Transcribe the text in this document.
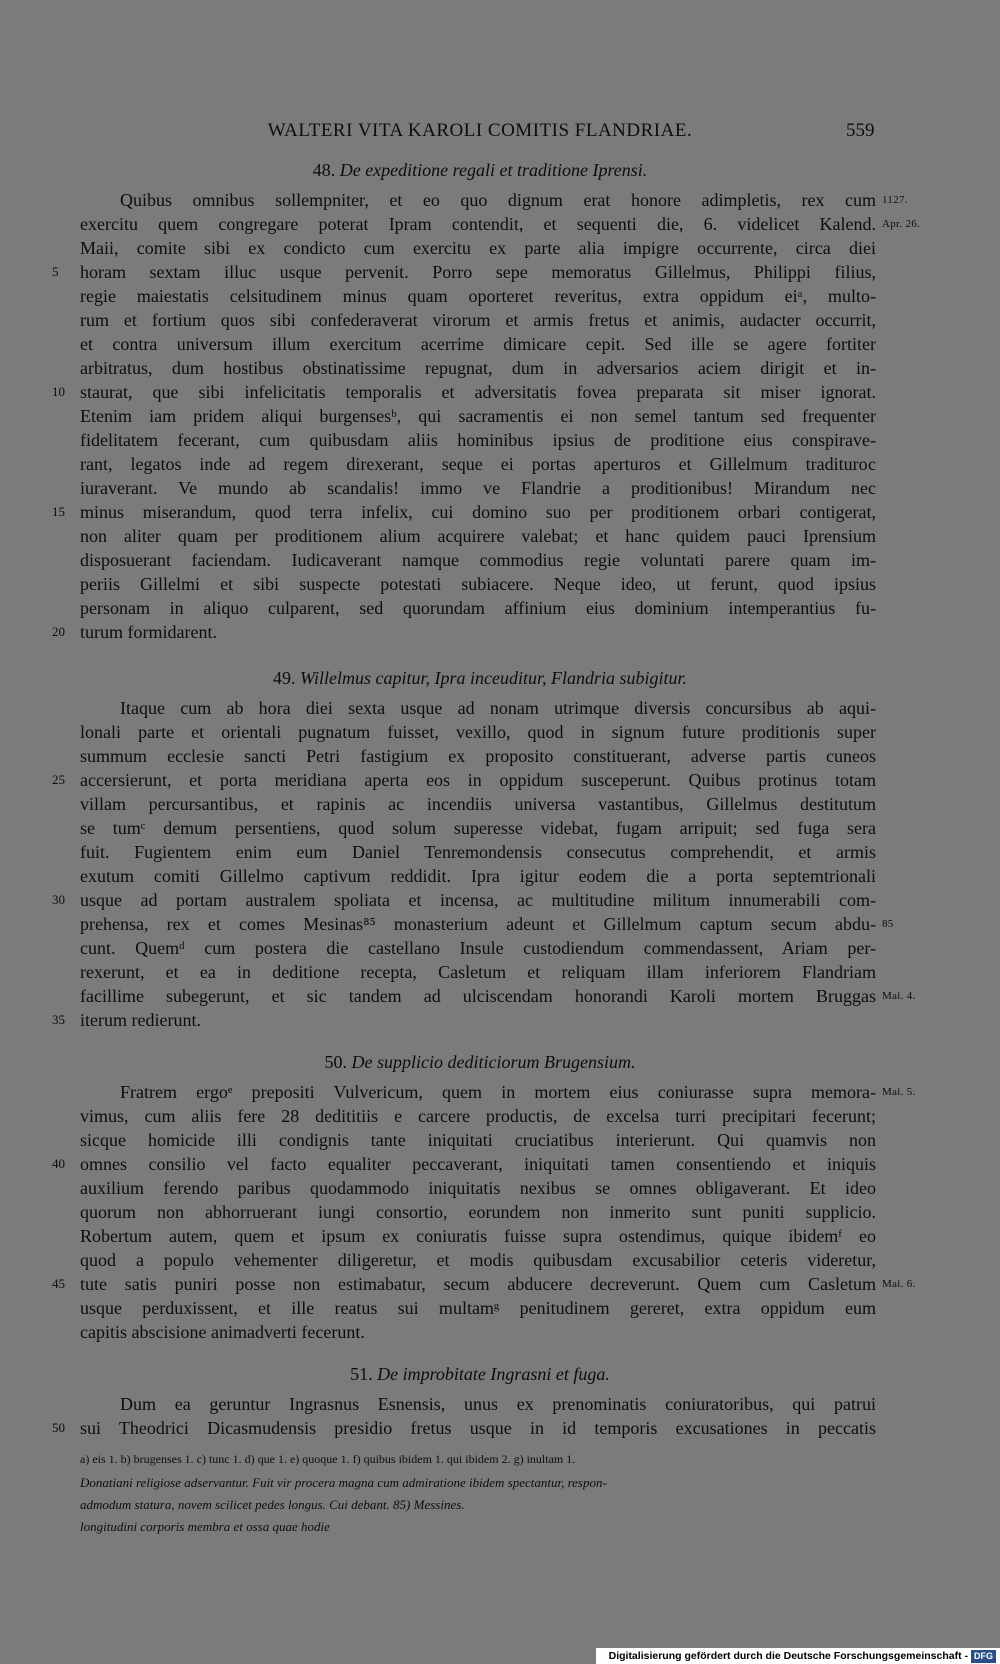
WALTERI VITA KAROLI COMITIS FLANDRIAE.	559
48. De expeditione regali et traditione Iprensi.
Quibus omnibus sollempniter, et eo quo dignum erat honore adimpletis, rex cum
exercitu quem congregare poterat Ipram contendit, et sequenti die, 6. videlicet Kalend.
Maii, comite sibi ex condicto cum exercitu ex parte alia impigre occurrente, circa diei
horam sextam illuc usque pervenit. Porro sepe memoratus Gillelmus, Philippi filius,
regie maiestatis celsitudinem minus quam oporteret reveritus, extra oppidum eiᵃ, multo-
rum et fortium quos sibi confederaverat virorum et armis fretus et animis, audacter occurrit,
et contra universum illum exercitum acerrime dimicare cepit. Sed ille se agere fortiter
arbitratus, dum hostibus obstinatissime repugnat, dum in adversarios aciem dirigit et in-
staurat, que sibi infelicitatis temporalis et adversitatis fovea preparata sit miser ignorat.
Etenim iam pridem aliqui burgensesᵇ, qui sacramentis ei non semel tantum sed frequenter
fidelitatem fecerant, cum quibusdam aliis hominibus ipsius de proditione eius conspirave-
rant, legatos inde ad regem direxerant, seque ei portas aperturos et Gillelmum traditurос
iuraverant. Ve mundo ab scandalis! immo ve Flandrie a proditionibus! Mirandum nec
minus miserandum, quod terra infelix, cui domino suo per proditionem orbari contigerat,
non aliter quam per proditionem alium acquirere valebat; et hanc quidem pauci Iprensium
disposuerant faciendam. Iudicaverant namque commodius regie voluntati parere quam im-
periis Gillelmi et sibi suspecte potestati subiacere. Neque ideo, ut ferunt, quod ipsius
personam in aliquo culparent, sed quorundam affinium eius dominium intemperantius fu-
turum formidarent.
49. Willelmus capitur, Ipra inceuditur, Flandria subigitur.
Itaque cum ab hora diei sexta usque ad nonam utrimque diversis concursibus ab aqui-
lonali parte et orientali pugnatum fuisset, vexillo, quod in signum future proditionis super
summum ecclesie sancti Petri fastigium ex proposito constituerant, adverse partis cuneos
accersierunt, et porta meridiana aperta eos in oppidum susceperunt. Quibus protinus totam
villam percursantibus, et rapinis ac incendiis universa vastantibus, Gillelmus destitutum
se tumᶜ demum persentiens, quod solum superesse videbat, fugam arripuit; sed fuga sera
fuit. Fugientem enim eum Daniel Tenremondensis consecutus comprehendit, et armis
exutum comiti Gillelmo captivum reddidit. Ipra igitur eodem die a porta septemtrionali
usque ad portam australem spoliata et incensa, ac multitudine militum innumerabili com-
prehensa, rex et comes Mesinas⁸⁵ monasterium adeunt et Gillelmum captum secum abdu-
cunt. Quemᵈ cum postera die castellano Insule custodiendum commendassent, Ariam per-
rexerunt, et ea in deditione recepta, Casletum et reliquam illam inferiorem Flandriam
facillime subegerunt, et sic tandem ad ulciscendam honorandi Karoli mortem Bruggas
iterum redierunt.
50. De supplicio dediticiorum Brugensium.
Fratrem ergoᵉ prepositi Vulvericum, quem in mortem eius coniurasse supra memora-
vimus, cum aliis fere 28 dedititiis e carcere productis, de excelsa turri precipitari fecerunt;
sicque homicide illi condignis tante iniquitati cruciatibus interierunt. Qui quamvis non
omnes consilio vel facto equaliter peccaverant, iniquitati tamen consentiendo et iniquis
auxilium ferendo paribus quodammodo iniquitatis nexibus se omnes obligaverant. Et ideo
quorum non abhorruerant iungi consortio, eorundem non inmerito sunt puniti supplicio.
Robertum autem, quem et ipsum ex coniuratis fuisse supra ostendimus, quique ibidemᶠ eo
quod a populo vehementer diligeretur, et modis quibusdam excusabilior ceteris videretur,
tute satis puniri posse non estimabatur, secum abducere decreverunt. Quem cum Casletum
usque perduxissent, et ille reatus sui multamᵍ penitudinem gereret, extra oppidum eum
capitis abscisione animadverti fecerunt.
51. De improbitate Ingrasni et fuga.
Dum ea geruntur Ingrasnus Esnensis, unus ex prenominatis coniuratoribus, qui patrui
sui Theodrici Dicasmudensis presidio fretus usque in id temporis excusationes in peccatis
5
10
15
20
25
30
35
40
45
50
1127.
Apr. 26.
85
Mai. 4.
Mai. 5.
Mai. 6.
a) eis 1. b) brugenses 1. c) tunc 1. d) que 1. e) quoque 1. f) quibus ibidem 1. qui ibidem 2. g) inultam 1.
Donatiani religiose adservantur. Fuit vir procera magna cum admiratione ibidem spectantur, respon-
admodum statura, novem scilicet pedes longus. Cui debant. 85) Messines.
longitudini corporis membra et ossa quae hodie
Digitalisierung gefördert durch die Deutsche Forschungsgemeinschaft - DFG
